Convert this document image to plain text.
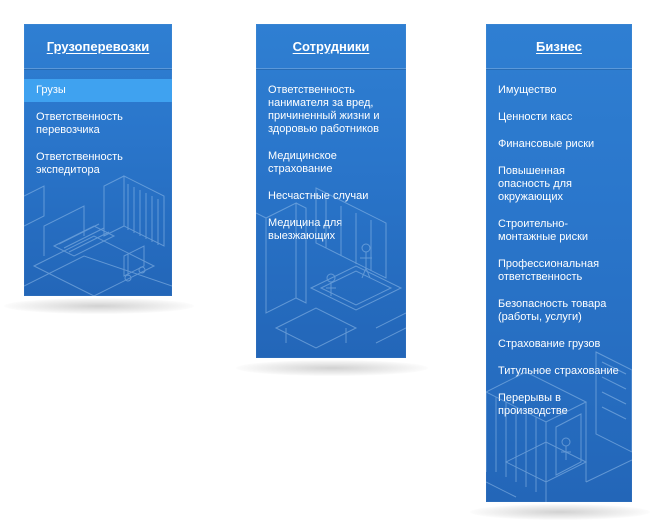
Грузоперевозки
Грузы
Ответственность перевозчика
Ответственность экспедитора
Сотрудники
Ответственность нанимателя за вред, причиненный жизни и здоровью работников
Медицинское страхование
Несчастные случаи
Медицина для выезжающих
Бизнес
Имущество
Ценности касс
Финансовые риски
Повышенная опасность для окружающих
Строительно-монтажные риски
Профессиональная ответственность
Безопасность товара (работы, услуги)
Страхование грузов
Титульное страхование
Перерывы в производстве
